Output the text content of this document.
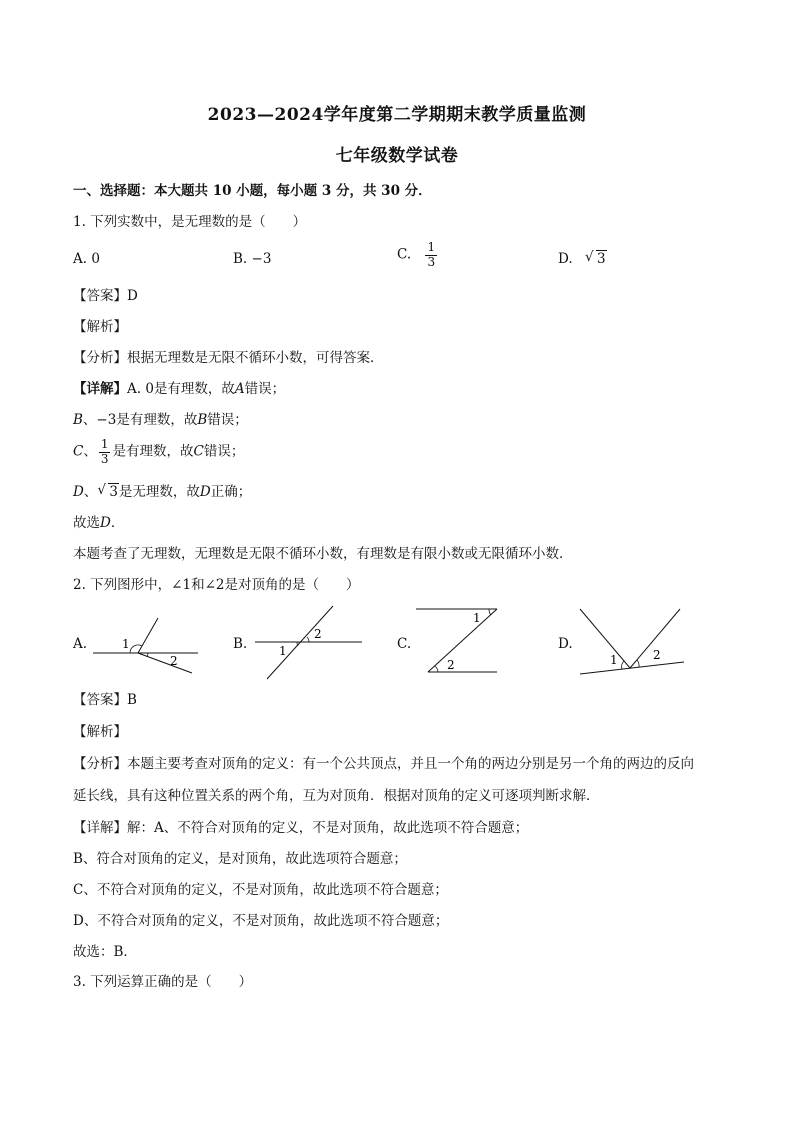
2023—2024学年度第二学期期末教学质量监测
七年级数学试卷
一、选择题：本大题共 10 小题，每小题 3 分，共 30 分．
1. 下列实数中，是无理数的是（　　）
A. 0	B. −3	C. $\frac{1}{3}$	D. √ 3
【答案】D
【解析】
【分析】根据无理数是无限不循环小数，可得答案．
【详解】A. 0是有理数，故A错误；
B、−3是有理数，故B错误；
C、 $\frac{1}{3}$ 是有理数，故C错误；
D、 √ 3是无理数，故D正确；
故选D．
本题考查了无理数，无理数是无限不循环小数，有理数是有限小数或无限循环小数．
2. 下列图形中，∠1和∠2是对顶角的是（　　）
A.	B.	C.	D.
1
2
1
2
1
2	1	2
【答案】B
【解析】
【分析】本题主要考查对顶角的定义：有一个公共顶点，并且一个角的两边分别是另一个角的两边的反向
延长线，具有这种位置关系的两个角，互为对顶角．根据对顶角的定义可逐项判断求解．
【详解】解：A、不符合对顶角的定义，不是对顶角，故此选项不符合题意；
B、符合对顶角的定义，是对顶角，故此选项符合题意；
C、不符合对顶角的定义，不是对顶角，故此选项不符合题意；
D、不符合对顶角的定义，不是对顶角，故此选项不符合题意；
故选：B．
3. 下列运算正确的是（　　）
